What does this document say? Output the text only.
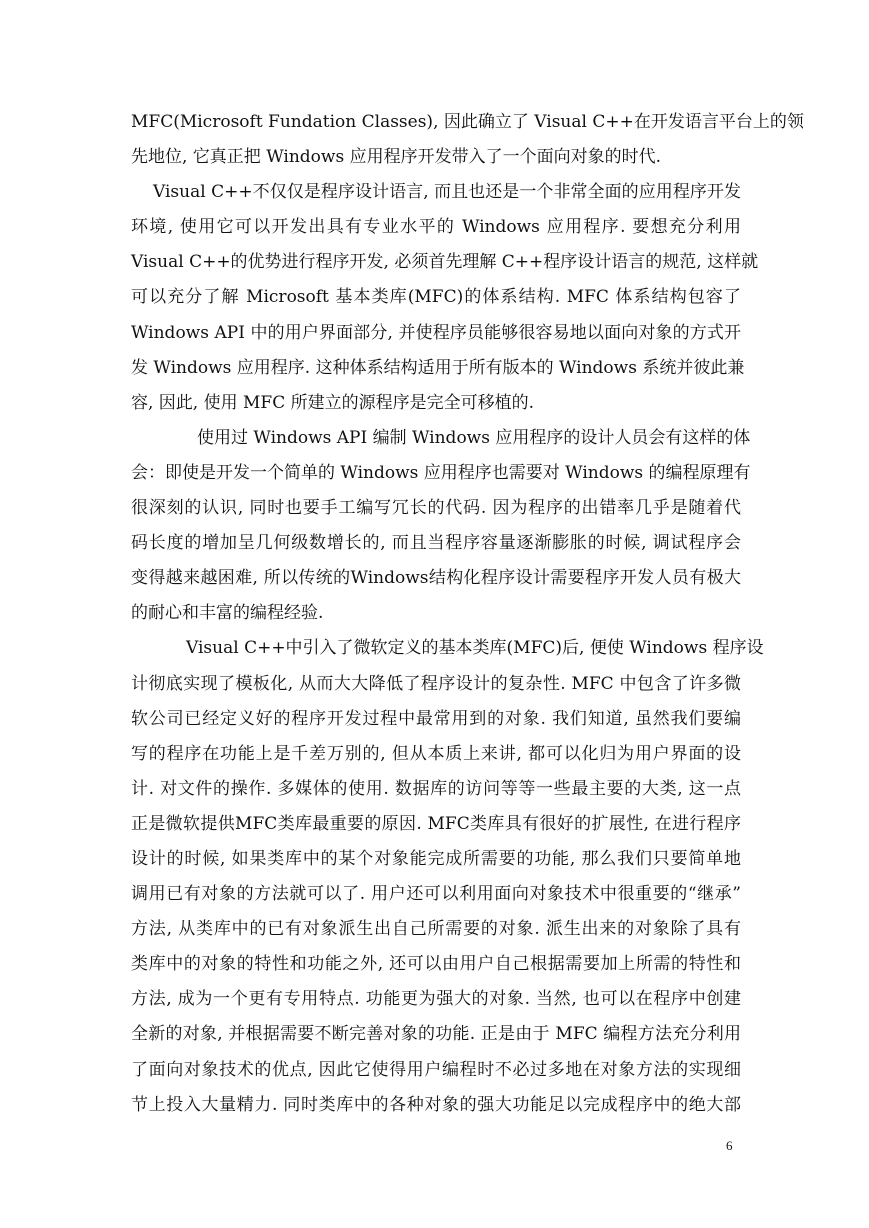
MFC(Microsoft Fundation Classes), 因此确立了 Visual C++在开发语言平台上的领
先地位, 它真正把 Windows 应用程序开发带入了一个面向对象的时代.
Visual C++不仅仅是程序设计语言, 而且也还是一个非常全面的应用程序开发
环境, 使用它可以开发出具有专业水平的 Windows 应用程序. 要想充分利用
Visual C++的优势进行程序开发, 必须首先理解 C++程序设计语言的规范, 这样就
可以充分了解 Microsoft 基本类库(MFC)的体系结构. MFC 体系结构包容了
Windows API 中的用户界面部分, 并使程序员能够很容易地以面向对象的方式开
发 Windows 应用程序. 这种体系结构适用于所有版本的 Windows 系统并彼此兼
容, 因此, 使用 MFC 所建立的源程序是完全可移植的.
使用过 Windows API 编制 Windows 应用程序的设计人员会有这样的体
会：即使是开发一个简单的 Windows 应用程序也需要对 Windows 的编程原理有
很深刻的认识, 同时也要手工编写冗长的代码. 因为程序的出错率几乎是随着代
码长度的增加呈几何级数增长的, 而且当程序容量逐渐膨胀的时候, 调试程序会
变得越来越困难, 所以传统的Windows结构化程序设计需要程序开发人员有极大
的耐心和丰富的编程经验.
Visual C++中引入了微软定义的基本类库(MFC)后, 便使 Windows 程序设
计彻底实现了模板化, 从而大大降低了程序设计的复杂性. MFC 中包含了许多微
软公司已经定义好的程序开发过程中最常用到的对象. 我们知道, 虽然我们要编
写的程序在功能上是千差万别的, 但从本质上来讲, 都可以化归为用户界面的设
计. 对文件的操作. 多媒体的使用. 数据库的访问等等一些最主要的大类, 这一点
正是微软提供MFC类库最重要的原因. MFC类库具有很好的扩展性, 在进行程序
设计的时候, 如果类库中的某个对象能完成所需要的功能, 那么我们只要简单地
调用已有对象的方法就可以了. 用户还可以利用面向对象技术中很重要的“继承”
方法, 从类库中的已有对象派生出自己所需要的对象. 派生出来的对象除了具有
类库中的对象的特性和功能之外, 还可以由用户自己根据需要加上所需的特性和
方法, 成为一个更有专用特点. 功能更为强大的对象. 当然, 也可以在程序中创建
全新的对象, 并根据需要不断完善对象的功能. 正是由于 MFC 编程方法充分利用
了面向对象技术的优点, 因此它使得用户编程时不必过多地在对象方法的实现细
节上投入大量精力. 同时类库中的各种对象的强大功能足以完成程序中的绝大部
6
